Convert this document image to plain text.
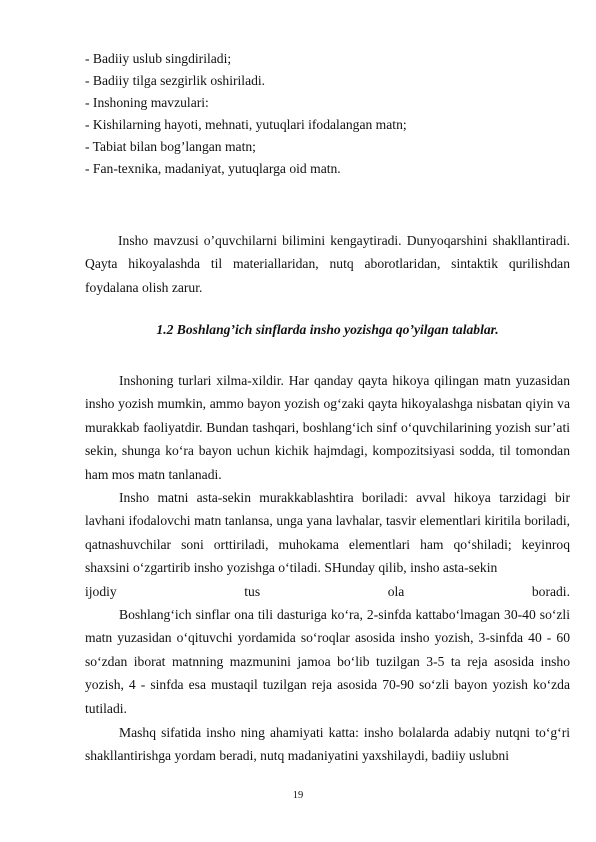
- Badiiy uslub singdiriladi;
- Badiiy tilga sezgirlik oshiriladi.
- Inshoning mavzulari:
- Kishilarning hayoti, mehnati, yutuqlari ifodalangan matn;
- Tabiat bilan bog’langan matn;
- Fan-texnika, madaniyat, yutuqlarga oid matn.

Insho mavzusi o’quvchilarni bilimini kengaytiradi. Dunyoqarshini shakllantiradi. Qayta hikoyalashda til materiallaridan, nutq aborotlaridan, sintaktik qurilishdan foydalana olish zarur.

1.2 Boshlang’ich sinflarda insho yozishga qo’yilgan talablar.

Inshoning turlari xilma-xildir. Har qanday qayta hikoya qilingan matn yuzasidan insho yozish mumkin, ammo bayon yozish og‘zaki qayta hikoyalashga nisbatan qiyin va murakkab faoliyatdir. Bundan tashqari, boshlang‘ich sinf o‘quvchilarining yozish sur’ati sekin, shunga ko‘ra bayon uchun kichik hajmdagi, kompozitsiyasi sodda, til tomondan ham mos matn tanlanadi.

Insho matni asta-sekin murakkablashtira boriladi: avval hikoya tarzidagi bir lavhani ifodalovchi matn tanlansa, unga yana lavhalar, tasvir elementlari kiritila boriladi, qatnashuvchilar soni orttiriladi, muhokama elementlari ham qo‘shiladi; keyinroq shaxsini o‘zgartirib insho yozishga o‘tiladi. SHunday qilib, insho asta-sekin

ijodiy	tus	ola	boradi.

Boshlang‘ich sinflar ona tili dasturiga ko‘ra, 2-sinfda kattabo‘lmagan 30-40 so‘zli matn yuzasidan o‘qituvchi yordamida so‘roqlar asosida insho yozish, 3-sinfda 40 - 60 so‘zdan iborat matnning mazmunini jamoa bo‘lib tuzilgan 3-5 ta reja asosida insho yozish, 4 - sinfda esa mustaqil tuzilgan reja asosida 70-90 so‘zli bayon yozish ko‘zda tutiladi.

Mashq sifatida insho ning ahamiyati katta: insho bolalarda adabiy nutqni to‘g‘ri shakllantirishga yordam beradi, nutq madaniyatini yaxshilaydi, badiiy uslubni

19
